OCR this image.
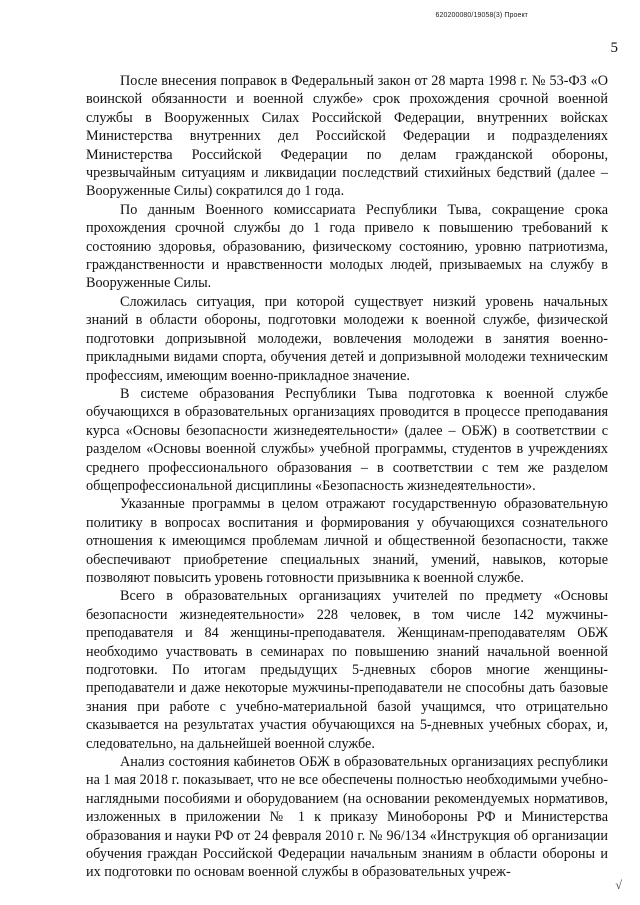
620200080/19058(3) Проект
5

После внесения поправок в Федеральный закон от 28 марта 1998 г. № 53-ФЗ «О воинской обязанности и военной службе» срок прохождения срочной военной службы в Вооруженных Силах Российской Федерации, внутренних войсках Министерства внутренних дел Российской Федерации и подразделениях Министерства Российской Федерации по делам гражданской обороны, чрезвычайным ситуациям и ликвидации последствий стихийных бедствий (далее – Вооруженные Силы) сократился до 1 года.

По данным Военного комиссариата Республики Тыва, сокращение срока прохождения срочной службы до 1 года привело к повышению требований к состоянию здоровья, образованию, физическому состоянию, уровню патриотизма, гражданственности и нравственности молодых людей, призываемых на службу в Вооруженные Силы.

Сложилась ситуация, при которой существует низкий уровень начальных знаний в области обороны, подготовки молодежи к военной службе, физической подготовки допризывной молодежи, вовлечения молодежи в занятия военно-прикладными видами спорта, обучения детей и допризывной молодежи техническим профессиям, имеющим военно-прикладное значение.

В системе образования Республики Тыва подготовка к военной службе обучающихся в образовательных организациях проводится в процессе преподавания курса «Основы безопасности жизнедеятельности» (далее – ОБЖ) в соответствии с разделом «Основы военной службы» учебной программы, студентов в учреждениях среднего профессионального образования – в соответствии с тем же разделом общепрофессиональной дисциплины «Безопасность жизнедеятельности».

Указанные программы в целом отражают государственную образовательную политику в вопросах воспитания и формирования у обучающихся сознательного отношения к имеющимся проблемам личной и общественной безопасности, также обеспечивают приобретение специальных знаний, умений, навыков, которые позволяют повысить уровень готовности призывника к военной службе.

Всего в образовательных организациях учителей по предмету «Основы безопасности жизнедеятельности» 228 человек, в том числе 142 мужчины-преподавателя и 84 женщины-преподавателя. Женщинам-преподавателям ОБЖ необходимо участвовать в семинарах по повышению знаний начальной военной подготовки. По итогам предыдущих 5-дневных сборов многие женщины-преподаватели и даже некоторые мужчины-преподаватели не способны дать базовые знания при работе с учебно-материальной базой учащимся, что отрицательно сказывается на результатах участия обучающихся на 5-дневных учебных сборах, и, следовательно, на дальнейшей военной службе.

Анализ состояния кабинетов ОБЖ в образовательных организациях республики на 1 мая 2018 г. показывает, что не все обеспечены полностью необходимыми учебно-наглядными пособиями и оборудованием (на основании рекомендуемых нормативов, изложенных в приложении № 1 к приказу Минобороны РФ и Министерства образования и науки РФ от 24 февраля 2010 г. № 96/134 «Инструкция об организации обучения граждан Российской Федерации начальным знаниям в области обороны и их подготовки по основам военной службы в образовательных учреж-

√
